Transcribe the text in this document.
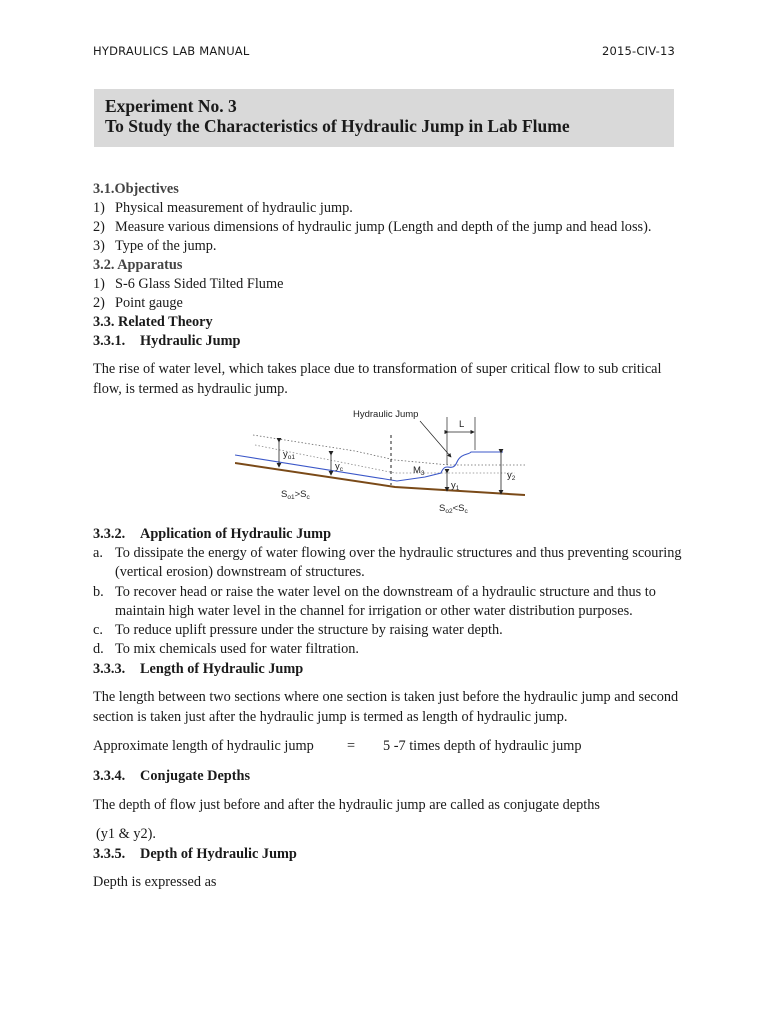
HYDRAULICS LAB MANUAL	2015-CIV-13
Experiment No. 3
To Study the Characteristics of Hydraulic Jump in Lab Flume

3.1.Objectives

1) Physical measurement of hydraulic jump.
2) Measure various dimensions of hydraulic jump (Length and depth of the jump and head loss).
3) Type of the jump.

3.2. Apparatus

1) S-6 Glass Sided Tilted Flume
2) Point gauge

3.3. Related Theory

3.3.1.	Hydraulic Jump

The rise of water level, which takes place due to transformation of super critical flow to sub critical flow, is termed as hydraulic jump.

Hydraulic Jump
L
$y_{o1}$
$y_c$	$M_3$
$y_1$
$y_2$
$S_{o1}>S_c$
$S_{o2}<S_c$
3.3.2.	Application of Hydraulic Jump
a. To dissipate the energy of water flowing over the hydraulic structures and thus preventing scouring (vertical erosion) downstream of structures.
b. To recover head or raise the water level on the downstream of a hydraulic structure and thus to maintain high water level in the channel for irrigation or other water distribution purposes.
c. To reduce uplift pressure under the structure by raising water depth.
d. To mix chemicals used for water filtration.
3.3.3.	Length of Hydraulic Jump

The length between two sections where one section is taken just before the hydraulic jump and second section is taken just after the hydraulic jump is termed as length of hydraulic jump.

Approximate length of hydraulic jump	=	5 -7 times depth of hydraulic jump
3.3.4.	Conjugate Depths

The depth of flow just before and after the hydraulic jump are called as conjugate depths

(y1 & y2).

3.3.5.	Depth of Hydraulic Jump

Depth is expressed as
